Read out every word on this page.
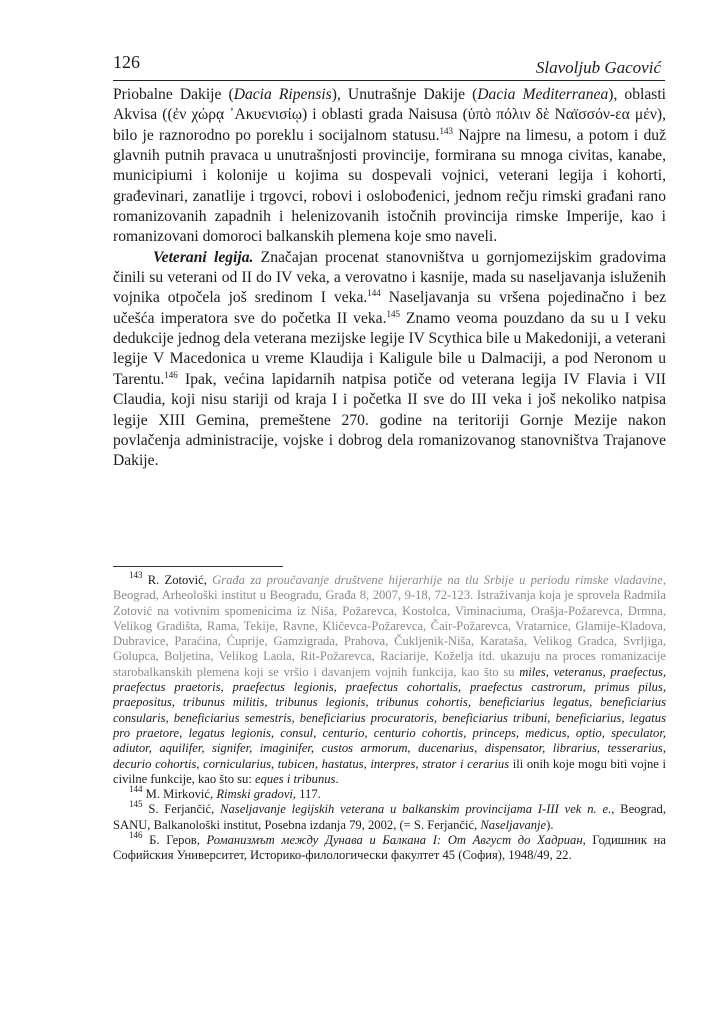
126	Slavoljub Gacović

Priobalne Dakije (Dacia Ripensis), Unutrašnje Dakije (Dacia Mediterranea), oblasti Akvisa ((ἐν χώρᾳ ᾿Ακυενισίῳ) i oblasti grada Naisusa (ὑπὸ πόλιν δὲ Ναϊσσόν-εα μέν), bilo je raznorodno po poreklu i socijalnom statusu.$^{143}$ Najpre na limesu, a potom i duž glavnih putnih pravaca u unutrašnjosti provincije, formirana su mnoga civitas, kanabe, municipiumi i kolonije u kojima su dospevali vojnici, veterani legija i kohorti, građevinari, zanatlije i trgovci, robovi i oslobođenici, jednom rečju rimski građani rano romanizovanih zapadnih i helenizovanih istočnih provincija rimske Imperije, kao i romanizovani domoroci balkanskih plemena koje smo naveli.

Veterani legija. Značajan procenat stanovništva u gornjomezijskim gradovima činili su veterani od II do IV veka, a verovatno i kasnije, mada su naseljavanja isluženih vojnika otpočela još sredinom I veka.$^{144}$ Naseljavanja su vršena pojedinačno i bez učešća imperatora sve do početka II veka.$^{145}$ Znamo veoma pouzdano da su u I veku dedukcije jednog dela veterana mezijske legije IV Scythica bile u Makedoniji, a veterani legije V Macedonica u vreme Klaudija i Kaligule bile u Dalmaciji, a pod Neronom u Tarentu.$^{146}$ Ipak, većina lapidarnih natpisa potiče od veterana legija IV Flavia i VII Claudia, koji nisu stariji od kraja I i početka II sve do III veka i još nekoliko natpisa legije XIII Gemina, premeštene 270. godine na teritoriji Gornje Mezije nakon povlačenja administracije, vojske i dobrog dela romanizovanog stanovništva Trajanove Dakije.

$^{143}$ R. Zotović, Građa za proučavanje društvene hijerarhije na tlu Srbije u periodu rimske vladavine, Beograd, Arheološki institut u Beogradu, Građa 8, 2007, 9-18, 72-123. Istraživanja koja je sprovela Radmila Zotović na votivnim spomenicima iz Niša, Požarevca, Kostolca, Viminaciuma, Orašja-Požarevca, Drmna, Velikog Gradišta, Rama, Tekije, Ravne, Kličevca-Požarevca, Čair-Požarevca, Vratarnice, Glamije-Kladova, Dubravice, Paraćina, Ćuprije, Gamzigrada, Prahova, Čukljenik-Niša, Karataša, Velikog Gradca, Svrljiga, Golupca, Boljetina, Velikog Laola, Rit-Požarevca, Raciarije, Koželja itd. ukazuju na proces romanizacije starobalkanskih plemena koji se vršio i davanjem vojnih funkcija, kao što su miles, veteranus, praefectus, praefectus praetoris, praefectus legionis, praefectus cohortalis, praefectus castrorum, primus pilus, praepositus, tribunus militis, tribunus legionis, tribunus cohortis, beneficiarius legatus, beneficiarius consularis, beneficiarius semestris, beneficiarius procuratoris, beneficiarius tribuni, beneficiarius, legatus pro praetore, legatus legionis, consul, centurio, centurio cohortis, princeps, medicus, optio, speculator, adiutor, aquilifer, signifer, imaginifer, custos armorum, ducenarius, dispensator, librarius, tesserarius, decurio cohortis, cornicularius, tubicen, hastatus, interpres, strator i cerarius ili onih koje mogu biti vojne i civilne funkcije, kao što su: eques i tribunus.

$^{144}$ M. Mirković, Rimski gradovi, 117.

$^{145}$ S. Ferjančić, Naseljavanje legijskih veterana u balkanskim provincijama I-III vek n. e., Beograd, SANU, Balkanološki institut, Posebna izdanja 79, 2002, (= S. Ferjančić, Naseljavanje).

$^{146}$ Б. Геров, Романизмът между Дунава и Балкана I: От Август до Хадриан, Годишник на Софийския Университет, Историко-филологически факултет 45 (София), 1948/49, 22.
